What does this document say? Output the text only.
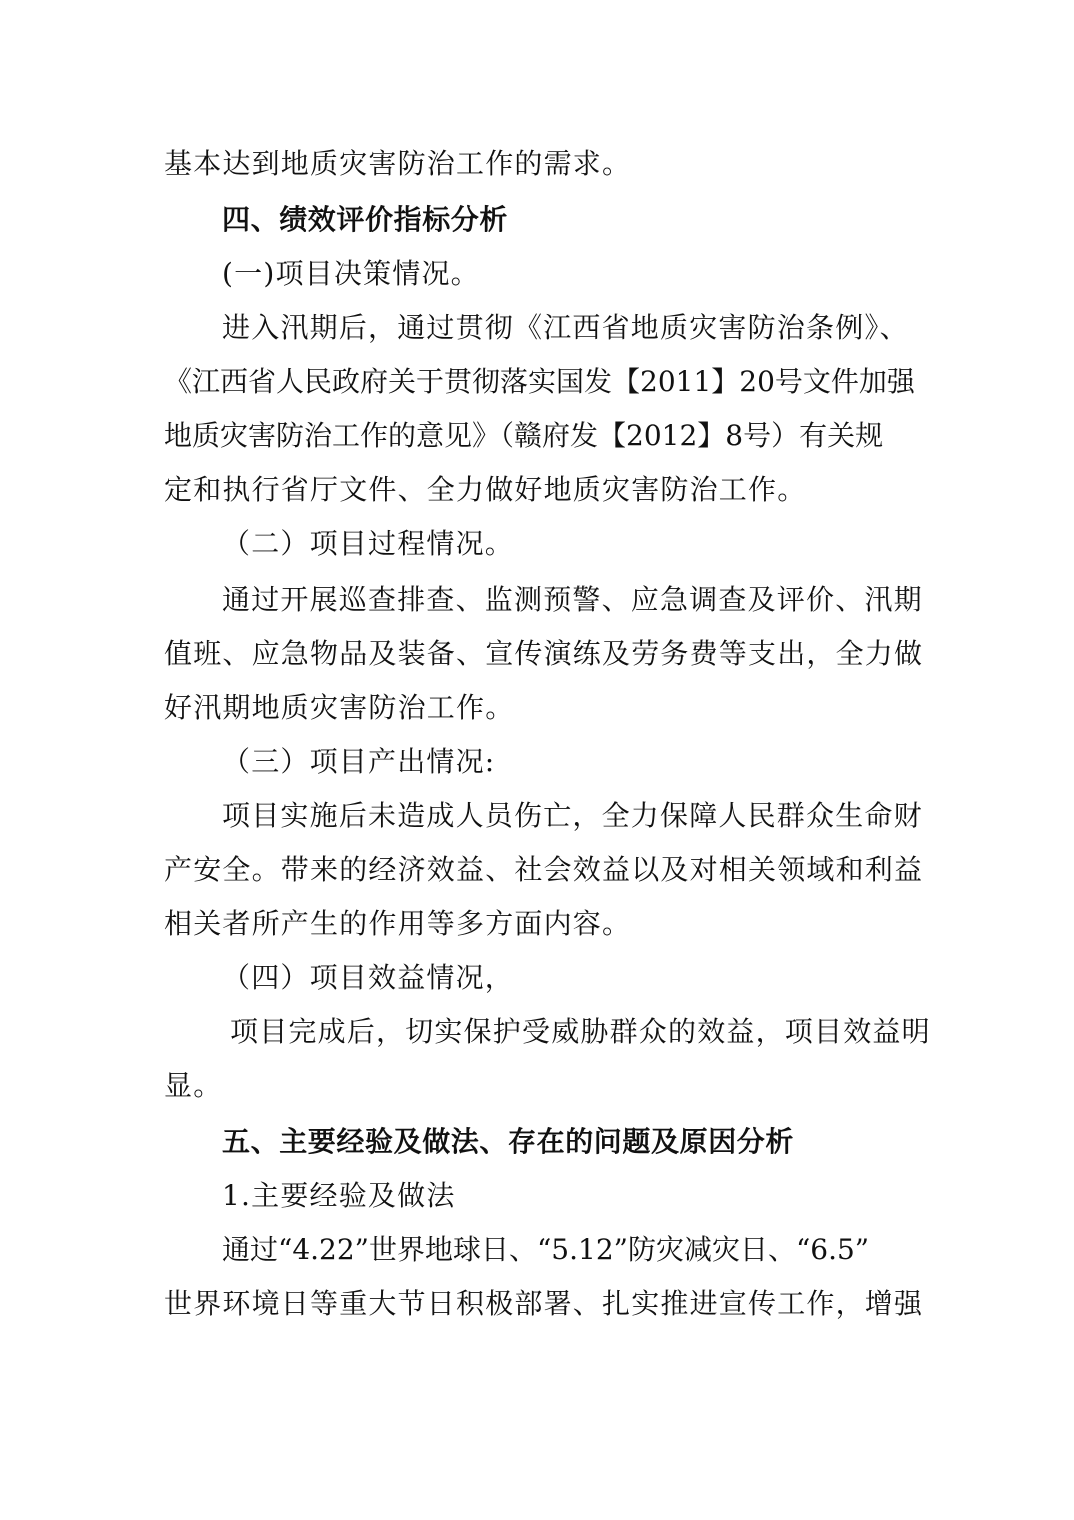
基本达到地质灾害防治工作的需求。
四、绩效评价指标分析
(一)项目决策情况。
进入汛期后，通过贯彻《江西省地质灾害防治条例》、
《江西省人民政府关于贯彻落实国发【2011】20号文件加强
地质灾害防治工作的意见》（赣府发【2012】8号）有关规
定和执行省厅文件、全力做好地质灾害防治工作。
（二）项目过程情况。
通过开展巡查排查、监测预警、应急调查及评价、汛期
值班、应急物品及装备、宣传演练及劳务费等支出，全力做
好汛期地质灾害防治工作。
（三）项目产出情况:
项目实施后未造成人员伤亡，全力保障人民群众生命财
产安全。带来的经济效益、社会效益以及对相关领域和利益
相关者所产生的作用等多方面内容。
（四）项目效益情况，
项目完成后，切实保护受威胁群众的效益，项目效益明
显。
五、主要经验及做法、存在的问题及原因分析
1.主要经验及做法
通过“4.22”世界地球日、“5.12”防灾减灾日、“6.5”
世界环境日等重大节日积极部署、扎实推进宣传工作，增强
